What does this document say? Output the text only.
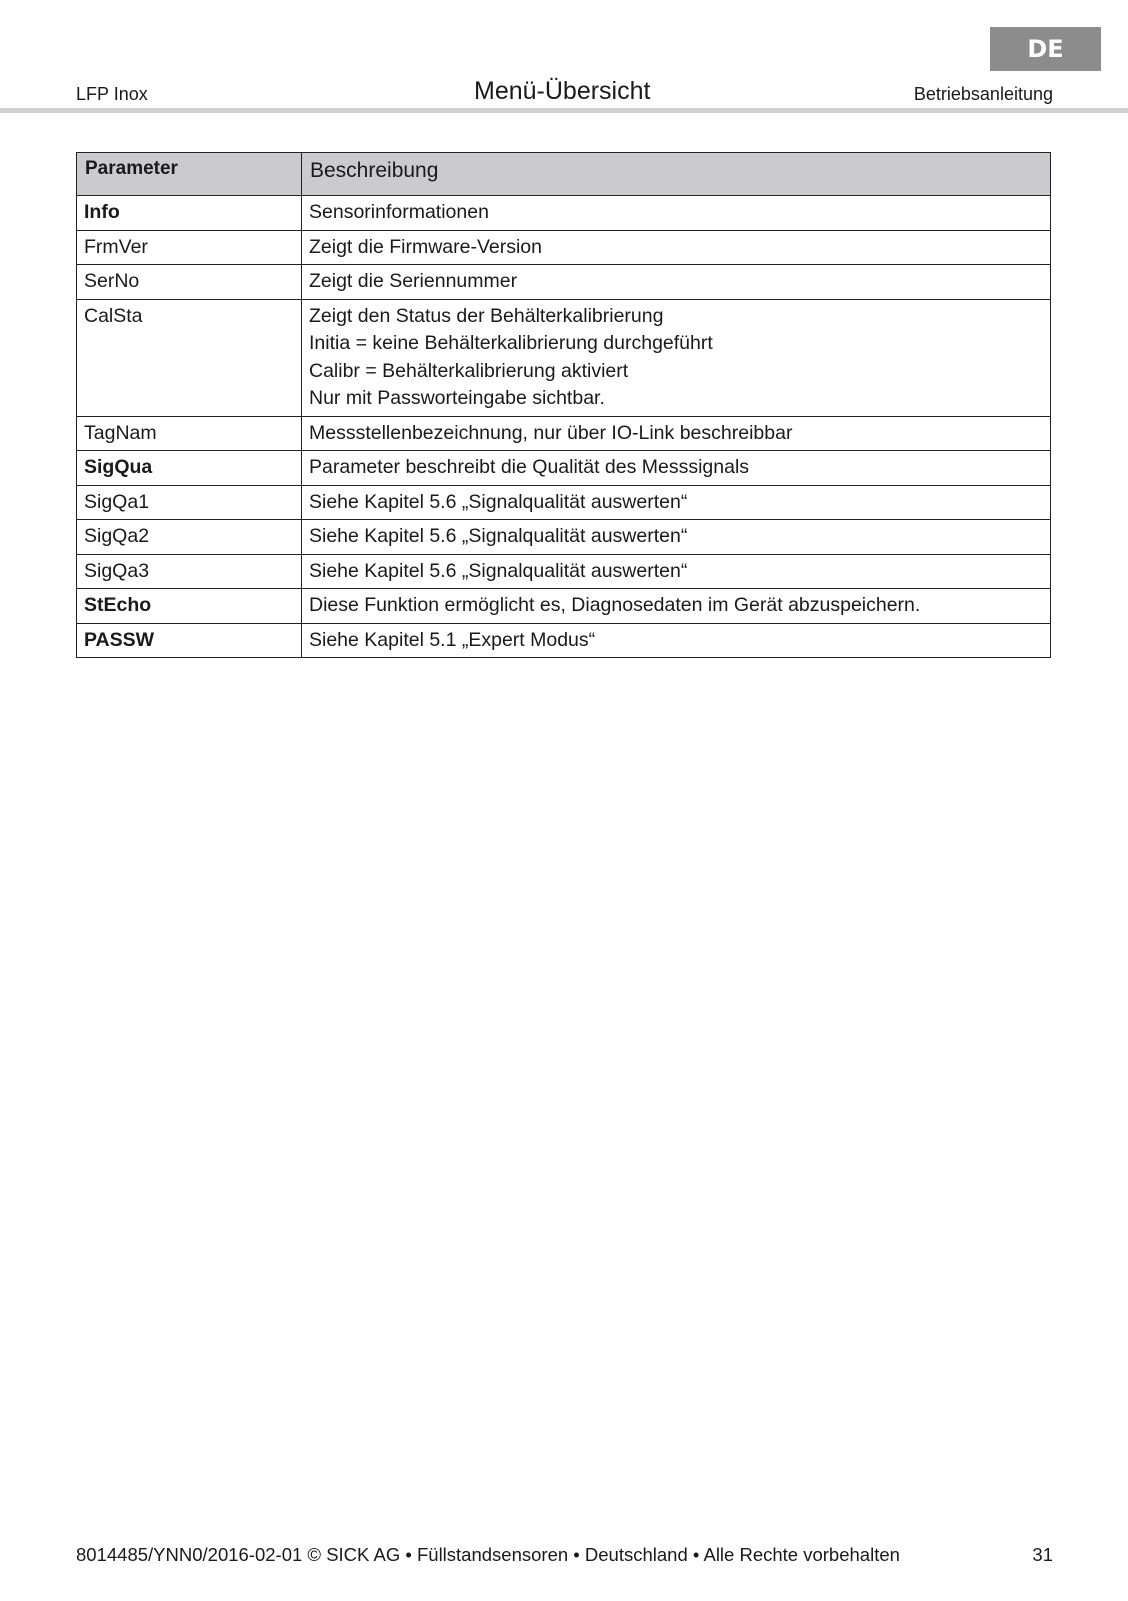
DE
LFP Inox	Menü-Übersicht	Betriebsanleitung
Parameter	Beschreibung
Info	Sensorinformationen

FrmVer	Zeigt die Firmware-Version

SerNo	Zeigt die Seriennummer

CalSta	Zeigt den Status der Behälterkalibrierung
Initia = keine Behälterkalibrierung durchgeführt
Calibr = Behälterkalibrierung aktiviert
Nur mit Passworteingabe sichtbar.

TagNam	Messstellenbezeichnung, nur über IO-Link beschreibbar

SigQua	Parameter beschreibt die Qualität des Messsignals

SigQa1	Siehe Kapitel 5.6 „Signalqualität auswerten“

SigQa2	Siehe Kapitel 5.6 „Signalqualität auswerten“

SigQa3	Siehe Kapitel 5.6 „Signalqualität auswerten“

StEcho	Diese Funktion ermöglicht es, Diagnosedaten im Gerät abzuspeichern.

PASSW	Siehe Kapitel 5.1 „Expert Modus“
8014485/YNN0/2016-02-01 © SICK AG • Füllstandsensoren • Deutschland • Alle Rechte vorbehalten	31
